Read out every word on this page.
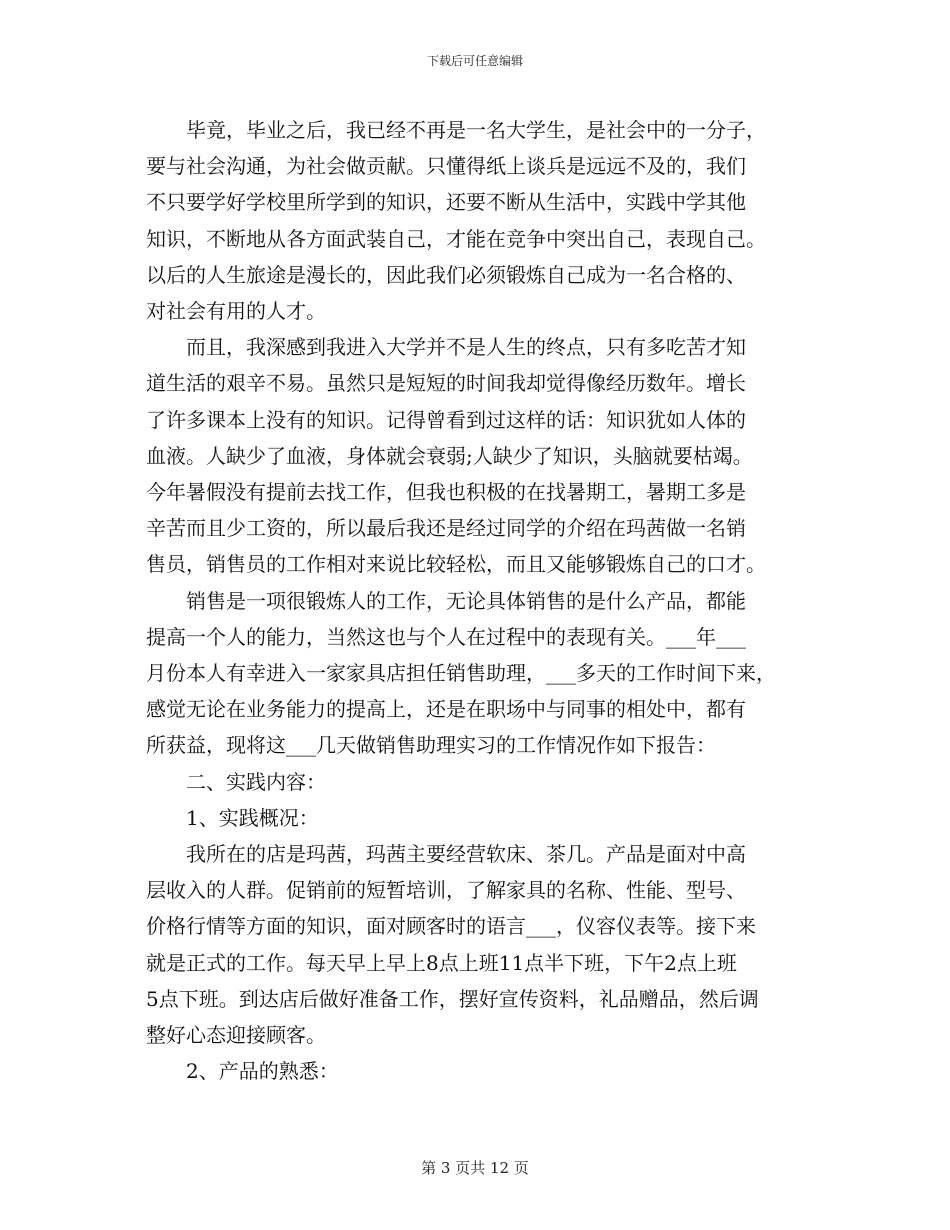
下载后可任意编辑

毕竟，毕业之后，我已经不再是一名大学生，是社会中的一分子，
要与社会沟通，为社会做贡献。只懂得纸上谈兵是远远不及的，我们
不只要学好学校里所学到的知识，还要不断从生活中，实践中学其他
知识，不断地从各方面武装自己，才能在竞争中突出自己，表现自己。
以后的人生旅途是漫长的，因此我们必须锻炼自己成为一名合格的、
对社会有用的人才。

而且，我深感到我进入大学并不是人生的终点，只有多吃苦才知
道生活的艰辛不易。虽然只是短短的时间我却觉得像经历数年。增长
了许多课本上没有的知识。记得曾看到过这样的话：知识犹如人体的
血液。人缺少了血液，身体就会衰弱;人缺少了知识，头脑就要枯竭。
今年暑假没有提前去找工作，但我也积极的在找暑期工，暑期工多是
辛苦而且少工资的，所以最后我还是经过同学的介绍在玛茜做一名销
售员，销售员的工作相对来说比较轻松，而且又能够锻炼自己的口才。

销售是一项很锻炼人的工作，无论具体销售的是什么产品，都能
提高一个人的能力，当然这也与个人在过程中的表现有关。___年___
月份本人有幸进入一家家具店担任销售助理，___多天的工作时间下来，
感觉无论在业务能力的提高上，还是在职场中与同事的相处中，都有
所获益，现将这___几天做销售助理实习的工作情况作如下报告：

二、实践内容：

1、实践概况：

我所在的店是玛茜，玛茜主要经营软床、茶几。产品是面对中高
层收入的人群。促销前的短暂培训，了解家具的名称、性能、型号、
价格行情等方面的知识，面对顾客时的语言___，仪容仪表等。接下来
就是正式的工作。每天早上早上8点上班11点半下班，下午2点上班
5点下班。到达店后做好准备工作，摆好宣传资料，礼品赠品，然后调
整好心态迎接顾客。

2、产品的熟悉：

第 3 页共 12 页
